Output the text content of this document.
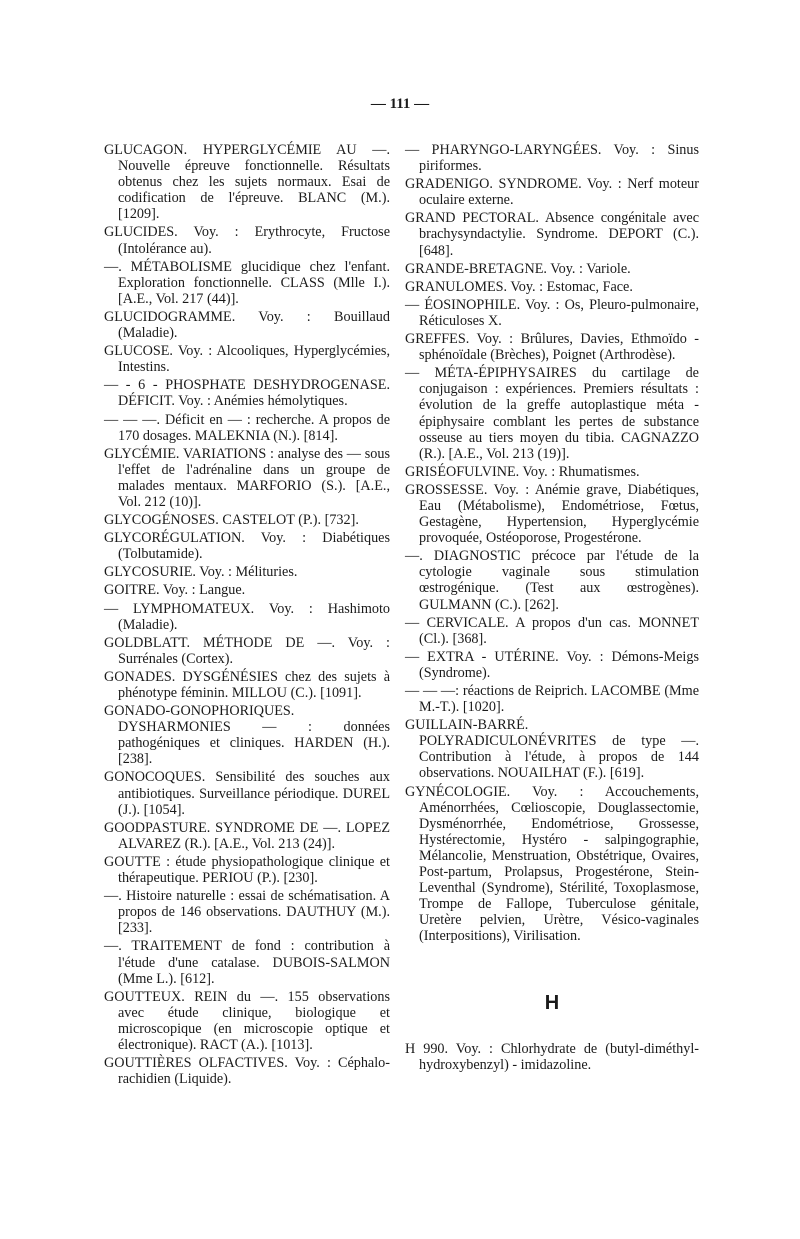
— 111 —

GLUCAGON. HYPERGLYCÉMIE AU —. Nouvelle épreuve fonctionnelle. Résultats obtenus chez les sujets normaux. Esai de codification de l'épreuve. BLANC (M.). [1209].

GLUCIDES. Voy. : Erythrocyte, Fructose (Intolérance au).

—. MÉTABOLISME glucidique chez l'enfant. Exploration fonctionnelle. CLASS (Mlle I.). [A.E., Vol. 217 (44)].

GLUCIDOGRAMME. Voy. : Bouillaud (Maladie).

GLUCOSE. Voy. : Alcooliques, Hyperglycémies, Intestins.

— - 6 - PHOSPHATE DESHYDROGENASE. DÉFICIT. Voy. : Anémies hémolytiques.

— — —. Déficit en — : recherche. A propos de 170 dosages. MALEKNIA (N.). [814].

GLYCÉMIE. VARIATIONS : analyse des — sous l'effet de l'adrénaline dans un groupe de malades mentaux. MARFORIO (S.). [A.E., Vol. 212 (10)].

GLYCOGÉNOSES. CASTELOT (P.). [732].

GLYCORÉGULATION. Voy. : Diabétiques (Tolbutamide).

GLYCOSURIE. Voy. : Mélituries.

GOITRE. Voy. : Langue.

— LYMPHOMATEUX. Voy. : Hashimoto (Maladie).

GOLDBLATT. MÉTHODE DE —. Voy. : Surrénales (Cortex).

GONADES. DYSGÉNÉSIES chez des sujets à phénotype féminin. MILLOU (C.). [1091].

GONADO-GONOPHORIQUES. DYSHARMONIES — : données pathogéniques et cliniques. HARDEN (H.). [238].

GONOCOQUES. Sensibilité des souches aux antibiotiques. Surveillance périodique. DUREL (J.). [1054].

GOODPASTURE. SYNDROME DE —. LOPEZ ALVAREZ (R.). [A.E., Vol. 213 (24)].

GOUTTE : étude physiopathologique clinique et thérapeutique. PERIOU (P.). [230].

—. Histoire naturelle : essai de schématisation. A propos de 146 observations. DAUTHUY (M.). [233].

—. TRAITEMENT de fond : contribution à l'étude d'une catalase. DUBOIS-SALMON (Mme L.). [612].

GOUTTEUX. REIN du —. 155 observations avec étude clinique, biologique et microscopique (en microscopie optique et électronique). RACT (A.). [1013].

GOUTTIÈRES OLFACTIVES. Voy. : Céphalo-rachidien (Liquide).

— PHARYNGO-LARYNGÉES. Voy. : Sinus piriformes.

GRADENIGO. SYNDROME. Voy. : Nerf moteur oculaire externe.

GRAND PECTORAL. Absence congénitale avec brachysyndactylie. Syndrome. DEPORT (C.). [648].

GRANDE-BRETAGNE. Voy. : Variole.

GRANULOMES. Voy. : Estomac, Face.

— ÉOSINOPHILE. Voy. : Os, Pleuro-pulmonaire, Réticuloses X.

GREFFES. Voy. : Brûlures, Davies, Ethmoïdo - sphénoïdale (Brèches), Poignet (Arthrodèse).

— MÉTA-ÉPIPHYSAIRES du cartilage de conjugaison : expériences. Premiers résultats : évolution de la greffe autoplastique méta - épiphysaire comblant les pertes de substance osseuse au tiers moyen du tibia. CAGNAZZO (R.). [A.E., Vol. 213 (19)].

GRISÉOFULVINE. Voy. : Rhumatismes.

GROSSESSE. Voy. : Anémie grave, Diabétiques, Eau (Métabolisme), Endométriose, Fœtus, Gestagène, Hypertension, Hyperglycémie provoquée, Ostéoporose, Progestérone.

—. DIAGNOSTIC précoce par l'étude de la cytologie vaginale sous stimulation œstrogénique. (Test aux œstrogènes). GULMANN (C.). [262].

— CERVICALE. A propos d'un cas. MONNET (Cl.). [368].

— EXTRA - UTÉRINE. Voy. : Démons-Meigs (Syndrome).

— — —: réactions de Reiprich. LACOMBE (Mme M.-T.). [1020].

GUILLAIN-BARRÉ. POLYRADICULONÉVRITES de type —. Contribution à l'étude, à propos de 144 observations. NOUAILHAT (F.). [619].

GYNÉCOLOGIE. Voy. : Accouchements, Aménorrhées, Cœlioscopie, Douglassectomie, Dysménorrhée, Endométriose, Grossesse, Hystérectomie, Hystéro - salpingographie, Mélancolie, Menstruation, Obstétrique, Ovaires, Post-partum, Prolapsus, Progestérone, Stein-Leventhal (Syndrome), Stérilité, Toxoplasmose, Trompe de Fallope, Tuberculose génitale, Uretère pelvien, Urètre, Vésico-vaginales (Interpositions), Virilisation.

H

H 990. Voy. : Chlorhydrate de (butyl-diméthyl-hydroxybenzyl) - imidazoline.
